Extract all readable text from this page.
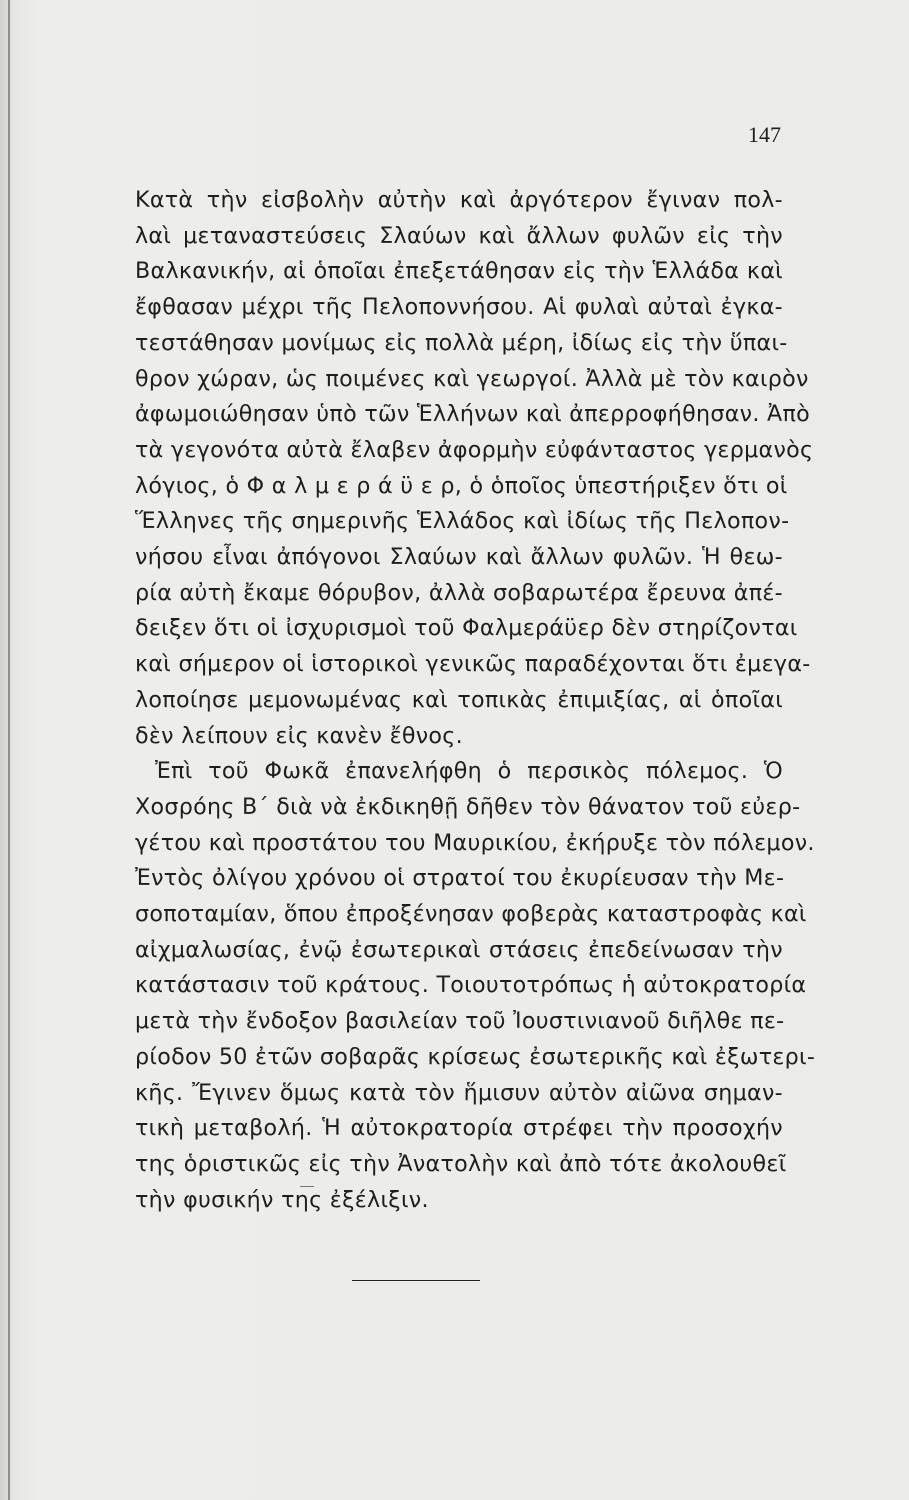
147
Κατὰ τὴν εἰσβολὴν αὐτὴν καὶ ἀργότερον ἔγιναν πολ-
λαὶ μεταναστεύσεις Σλαύων καὶ ἄλλων φυλῶν εἰς τὴν
Βαλκανικήν, αἱ ὁποῖαι ἐπεξετάθησαν εἰς τὴν Ἑλλάδα καὶ
ἔφθασαν μέχρι τῆς Πελοποννήσου. Αἱ φυλαὶ αὐταὶ ἐγκα-
τεστάθησαν μονίμως εἰς πολλὰ μέρη, ἰδίως εἰς τὴν ὕπαι-
θρον χώραν, ὡς ποιμένες καὶ γεωργοί. Ἀλλὰ μὲ τὸν καιρὸν
ἀφωμοιώθησαν ὑπὸ τῶν Ἑλλήνων καὶ ἀπερροφήθησαν. Ἀπὸ
τὰ γεγονότα αὐτὰ ἔλαβεν ἀφορμὴν εὐφάνταστος γερμανὸς
λόγιος, ὁ Φ α λ μ ε ρ ά ϋ ε ρ, ὁ ὁποῖος ὑπεστήριξεν ὅτι οἱ
Ἕλληνες τῆς σημερινῆς Ἑλλάδος καὶ ἰδίως τῆς Πελοπον-
νήσου εἶναι ἀπόγονοι Σλαύων καὶ ἄλλων φυλῶν. Ἡ θεω-
ρία αὐτὴ ἔκαμε θόρυβον, ἀλλὰ σοβαρωτέρα ἔρευνα ἀπέ-
δειξεν ὅτι οἱ ἰσχυρισμοὶ τοῦ Φαλμεράϋερ δὲν στηρίζονται
καὶ σήμερον οἱ ἱστορικοὶ γενικῶς παραδέχονται ὅτι ἐμεγα-
λοποίησε μεμονωμένας καὶ τοπικὰς ἐπιμιξίας, αἱ ὁποῖαι
δὲν λείπουν εἰς κανὲν ἔθνος.
Ἐπὶ τοῦ Φωκᾶ ἐπανελήφθη ὁ περσικὸς πόλεμος. Ὁ
Χοσρόης Β΄ διὰ νὰ ἐκδικηθῇ δῆθεν τὸν θάνατον τοῦ εὐερ-
γέτου καὶ προστάτου του Μαυρικίου, ἐκήρυξε τὸν πόλεμον.
Ἐντὸς ὀλίγου χρόνου οἱ στρατοί του ἐκυρίευσαν τὴν Με-
σοποταμίαν, ὅπου ἐπροξένησαν φοβερὰς καταστροφὰς καὶ
αἰχμαλωσίας, ἐνῷ ἐσωτερικαὶ στάσεις ἐπεδείνωσαν τὴν
κατάστασιν τοῦ κράτους. Τοιουτοτρόπως ἡ αὐτοκρατορία
μετὰ τὴν ἔνδοξον βασιλείαν τοῦ Ἰουστινιανοῦ διῆλθε πε-
ρίοδον 50 ἐτῶν σοβαρᾶς κρίσεως ἐσωτερικῆς καὶ ἐξωτερι-
κῆς. Ἔγινεν ὅμως κατὰ τὸν ἥμισυν αὐτὸν αἰῶνα σημαν-
τικὴ μεταβολή. Ἡ αὐτοκρατορία στρέφει τὴν προσοχήν
της ὁριστικῶς εἰς τὴν Ἀνατολὴν καὶ ἀπὸ τότε ἀκολουθεῖ
τὴν φυσικήν της ἐξέλιξιν.
